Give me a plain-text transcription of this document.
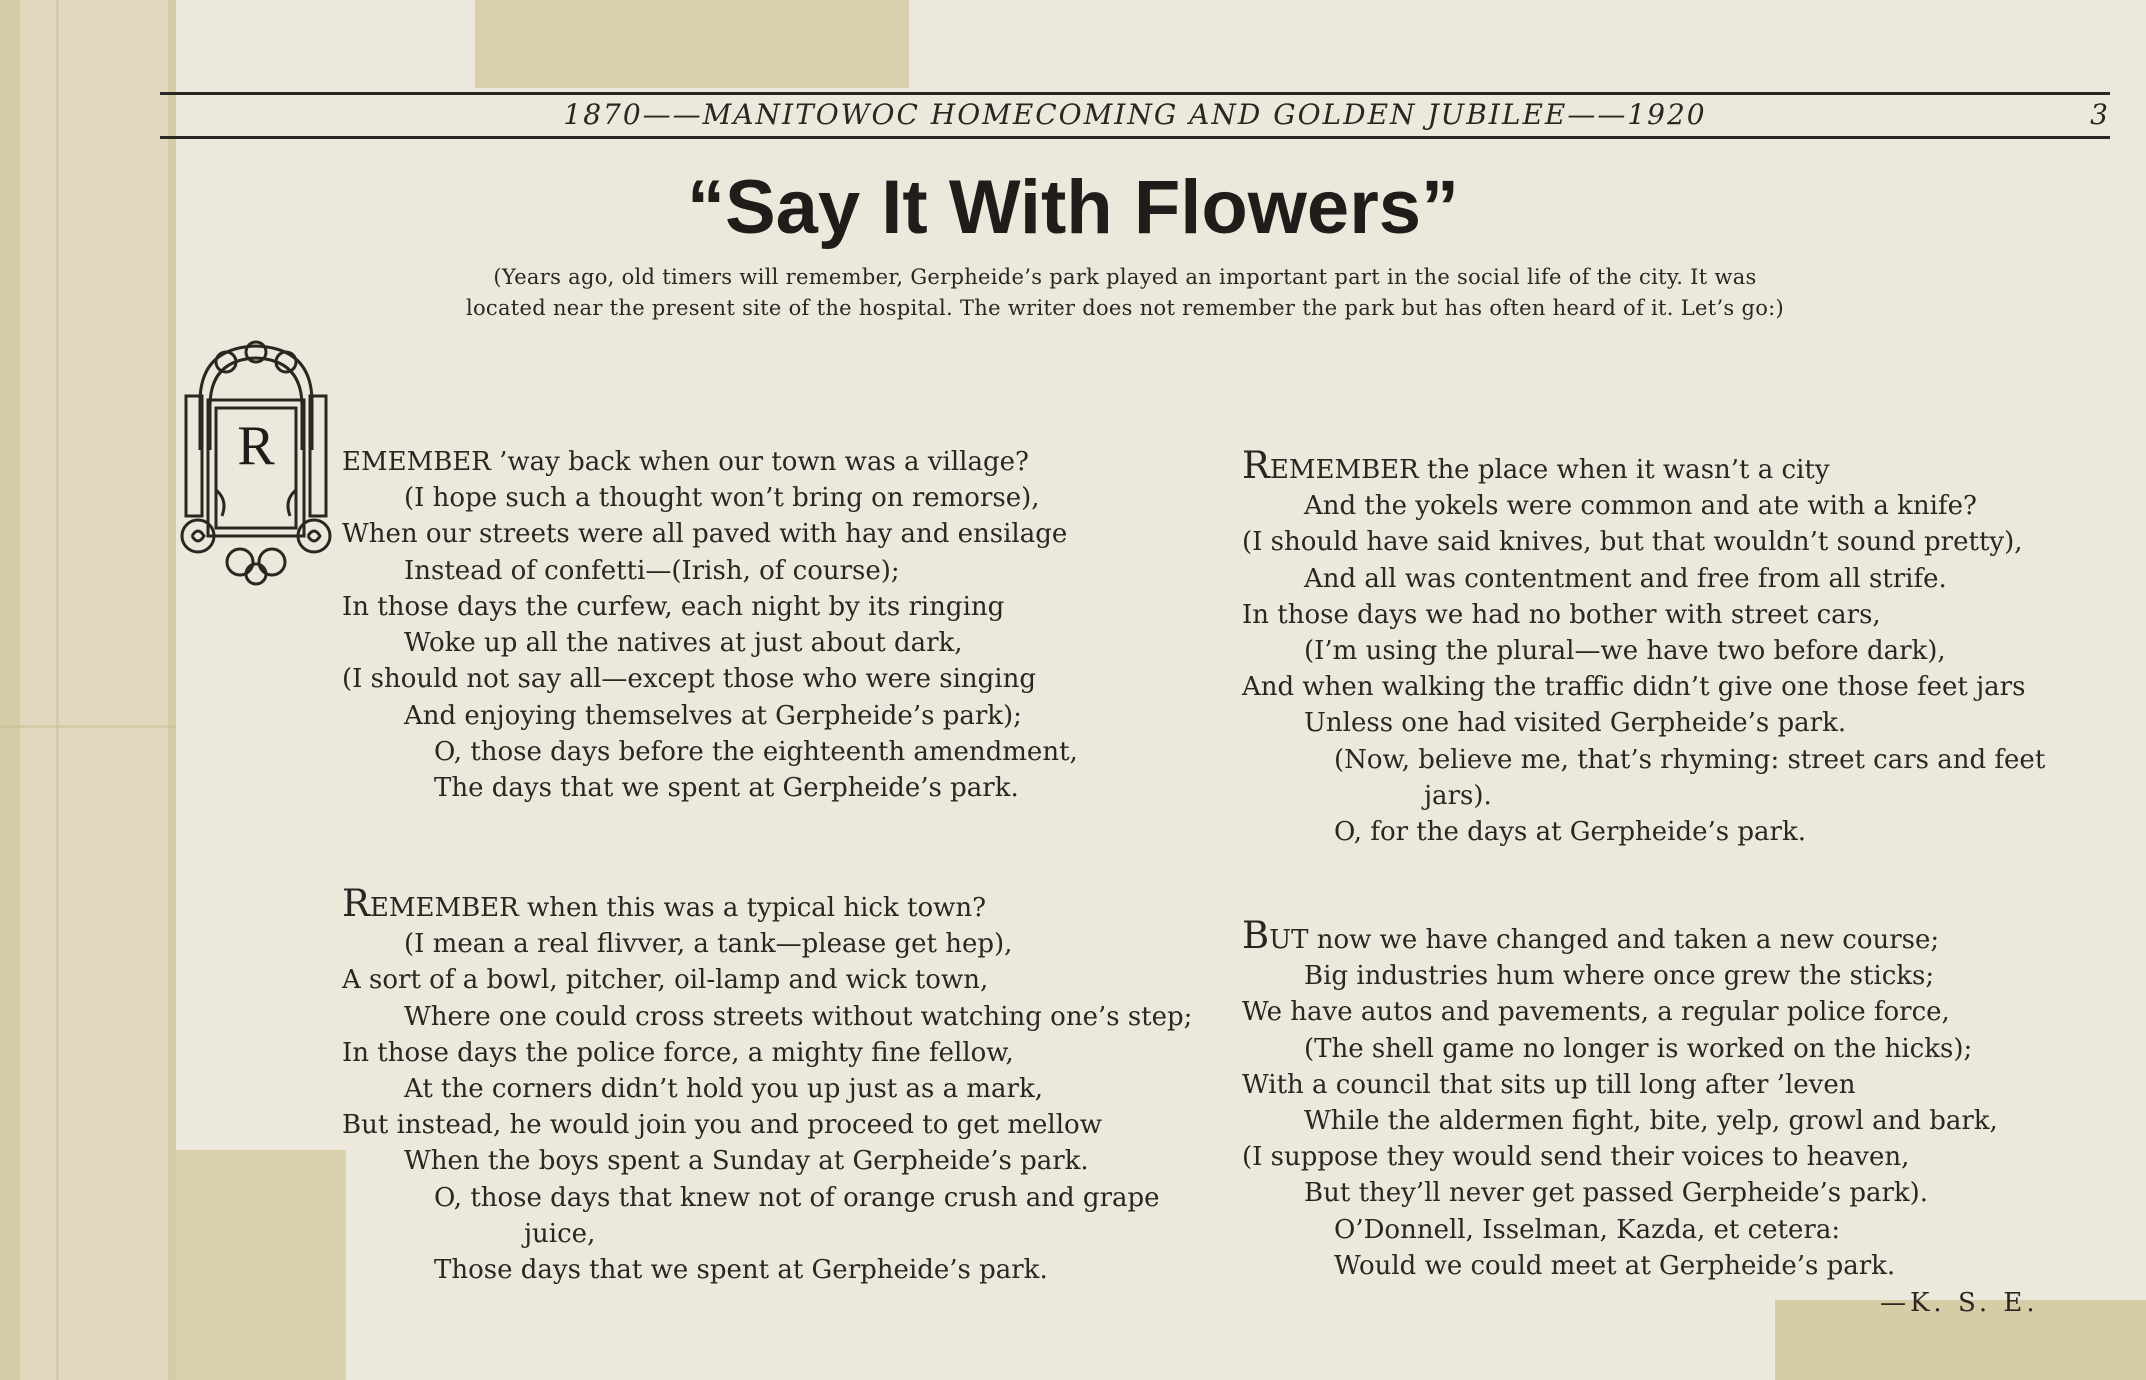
1870——MANITOWOC HOMECOMING AND GOLDEN JUBILEE——1920	3
“Say It With Flowers”
(Years ago, old timers will remember, Gerpheide’s park played an important part in the social life of the city. It was
located near the present site of the hospital. The writer does not remember the park but has often heard of it. Let’s go:)
R	EMEMBER ’way back when our town was a village?
(I hope such a thought won’t bring on remorse),
When our streets were all paved with hay and ensilage
Instead of confetti—(Irish, of course);
In those days the curfew, each night by its ringing
Woke up all the natives at just about dark,
(I should not say all—except those who were singing
And enjoying themselves at Gerpheide’s park);
O, those days before the eighteenth amendment,
The days that we spent at Gerpheide’s park.
REMEMBER when this was a typical hick town?
(I mean a real flivver, a tank—please get hep),
A sort of a bowl, pitcher, oil-lamp and wick town,
Where one could cross streets without watching one’s step;
In those days the police force, a mighty fine fellow,
At the corners didn’t hold you up just as a mark,
But instead, he would join you and proceed to get mellow
When the boys spent a Sunday at Gerpheide’s park.
O, those days that knew not of orange crush and grape
juice,
Those days that we spent at Gerpheide’s park.
REMEMBER the place when it wasn’t a city
And the yokels were common and ate with a knife?
(I should have said knives, but that wouldn’t sound pretty),
And all was contentment and free from all strife.
In those days we had no bother with street cars,
(I’m using the plural—we have two before dark),
And when walking the traffic didn’t give one those feet jars
Unless one had visited Gerpheide’s park.
(Now, believe me, that’s rhyming: street cars and feet
jars).
O, for the days at Gerpheide’s park.
BUT now we have changed and taken a new course;
Big industries hum where once grew the sticks;
We have autos and pavements, a regular police force,
(The shell game no longer is worked on the hicks);
With a council that sits up till long after ’leven
While the aldermen fight, bite, yelp, growl and bark,
(I suppose they would send their voices to heaven,
But they’ll never get passed Gerpheide’s park).
O’Donnell, Isselman, Kazda, et cetera:
Would we could meet at Gerpheide’s park.
—K. S. E.
